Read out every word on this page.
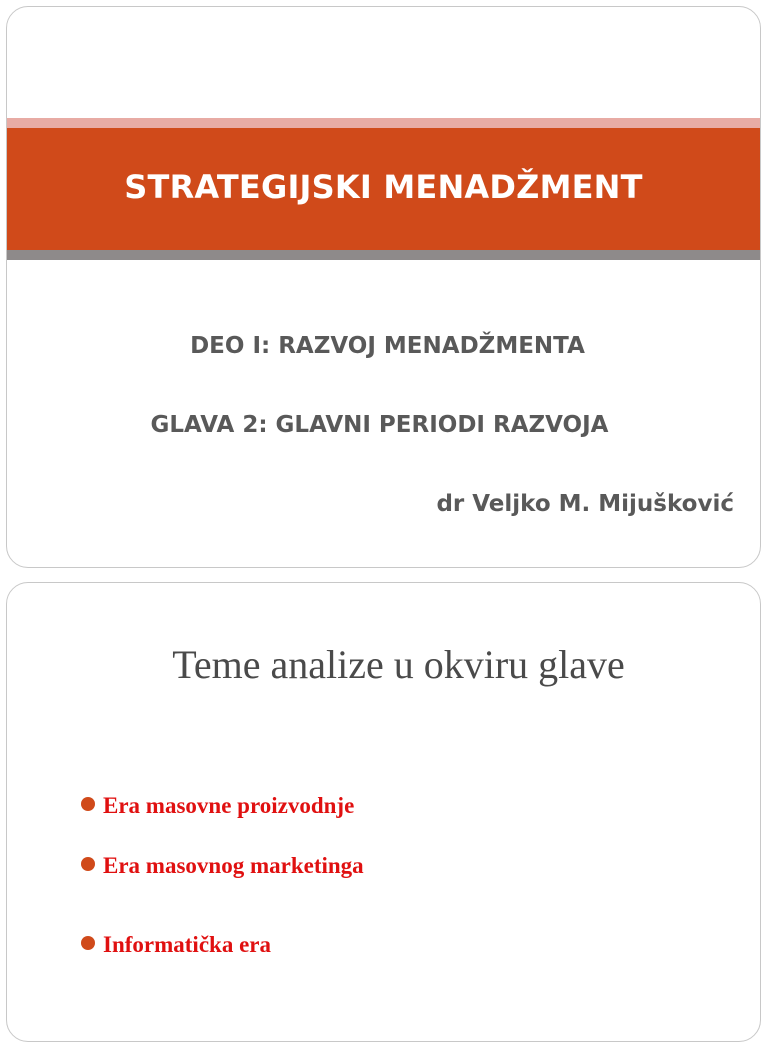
STRATEGIJSKI MENADŽMENT
DEO I: RAZVOJ MENADŽMENTA
GLAVA 2: GLAVNI PERIODI RAZVOJA
dr Veljko M. Mijušković
Teme analize u okviru glave
Era masovne proizvodnje
Era masovnog marketinga
Informatička era
